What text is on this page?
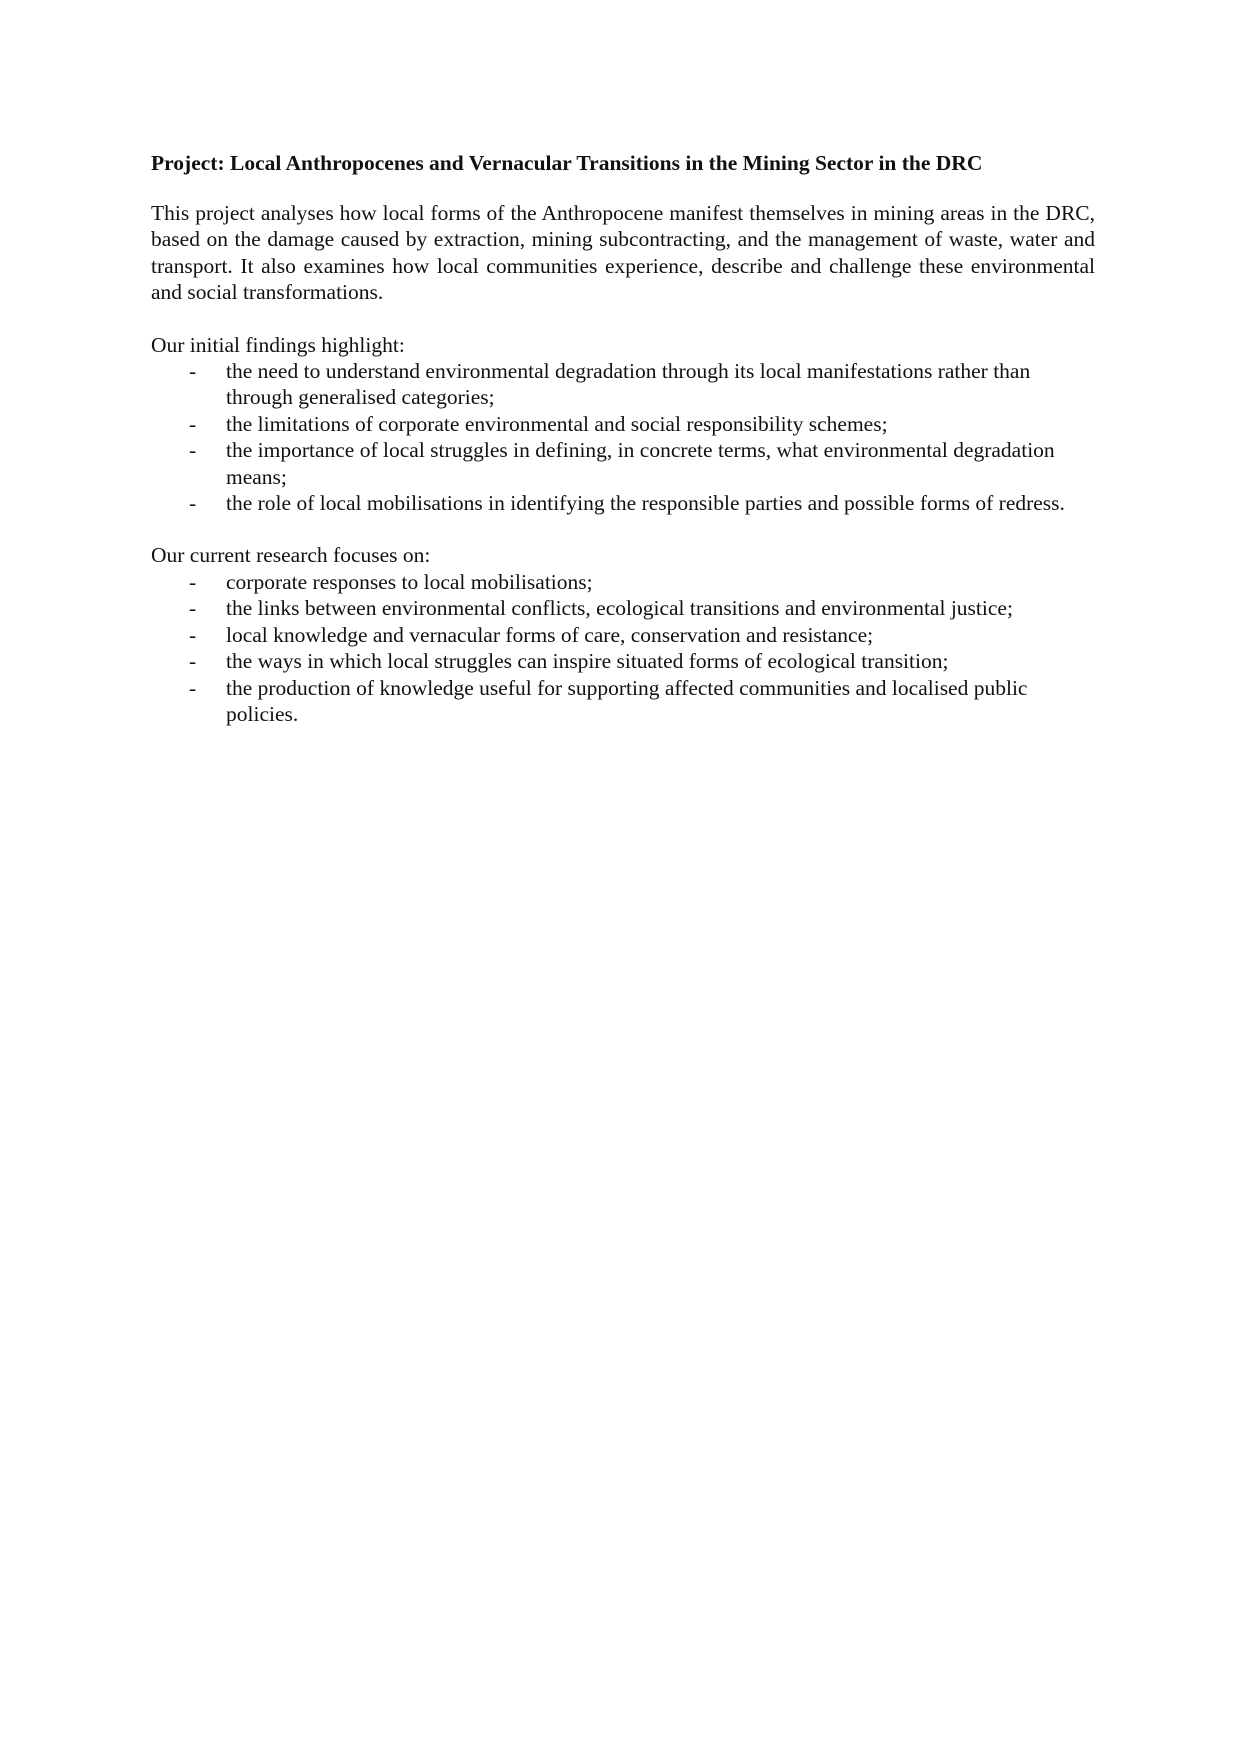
Project: Local Anthropocenes and Vernacular Transitions in the Mining Sector in the DRC

This project analyses how local forms of the Anthropocene manifest themselves in mining areas in the DRC, based on the damage caused by extraction, mining subcontracting, and the management of waste, water and transport. It also examines how local communities experience, describe and challenge these environmental and social transformations.

Our initial findings highlight:

- the need to understand environmental degradation through its local manifestations rather than through generalised categories;
- the limitations of corporate environmental and social responsibility schemes;
- the importance of local struggles in defining, in concrete terms, what environmental degradation means;
- the role of local mobilisations in identifying the responsible parties and possible forms of redress.

Our current research focuses on:

- corporate responses to local mobilisations;
- the links between environmental conflicts, ecological transitions and environmental justice;
- local knowledge and vernacular forms of care, conservation and resistance;
- the ways in which local struggles can inspire situated forms of ecological transition;
- the production of knowledge useful for supporting affected communities and localised public policies.
